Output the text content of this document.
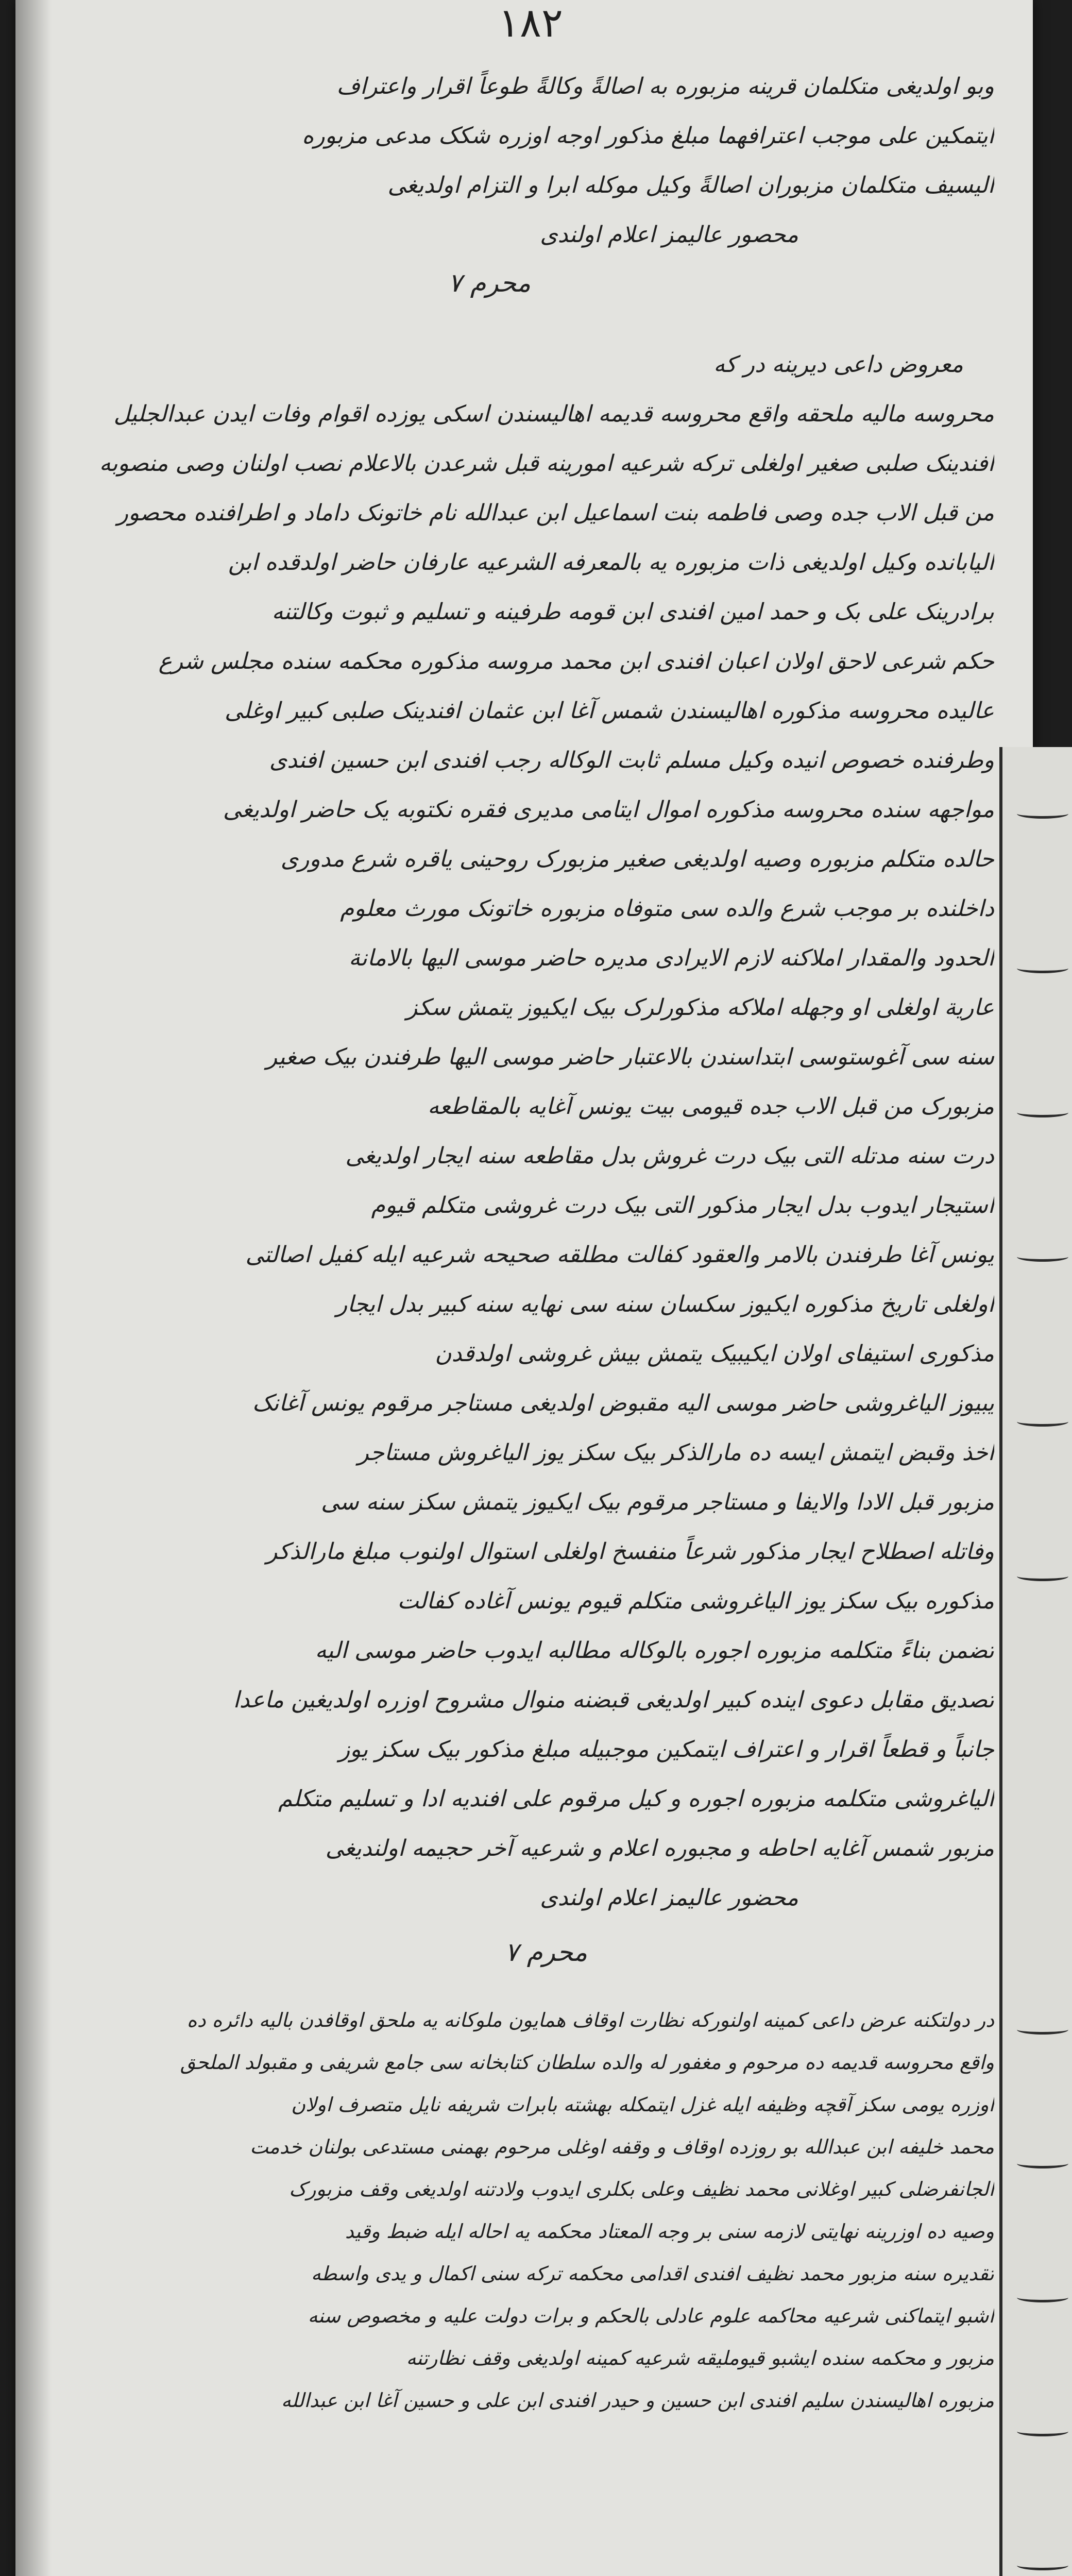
۱۸۲
وبو اولدیغی متکلمان قرینه مزبوره به اصالةً وکالةً طوعاً اقرار واعتراف
ایتمکین علی موجب اعترافهما مبلغ مذکور اوجه اوزره شکک مدعی مزبوره
الیسیف متکلمان مزبوران اصالةً وکیل موکله ابرا و التزام اولدیغی
محصور عالیمز اعلام اولندی
۷ محرم
معروض داعی دیرینه در که
محروسه مالیه ملحقه واقع محروسه قدیمه اهالیسندن اسکی یوزده اقوام وفات ایدن عبدالجلیل
افندینک صلبی صغیر اولغلی ترکه شرعیه امورینه قبل شرعدن بالاعلام نصب اولنان وصی منصوبه
من قبل الاب جده وصی فاطمه بنت اسماعیل ابن عبدالله نام خاتونک داماد و اطرافنده محصور
الیابانده وکیل اولدیغی ذات مزبوره یه بالمعرفه الشرعیه عارفان حاضر اولدقده ابن
برادرینک علی بک و حمد امین افندی ابن قومه طرفینه و تسلیم و ثبوت وکالتنه
حکم شرعی لاحق اولان اعبان افندی ابن محمد مروسه مذکوره محکمه سنده مجلس شرع
عالیده محروسه مذکوره اهالیسندن شمس آغا ابن عثمان افندینک صلبی کبیر اوغلی
وطرفنده خصوص انیده وکیل مسلم ثابت الوکاله رجب افندی ابن حسین افندی
مواجهه سنده محروسه مذکوره اموال ایتامی مدیری فقره نکتوبه یک حاضر اولدیغی
حالده متکلم مزبوره وصیه اولدیغی صغیر مزبورک روحینی یاقره شرع مدوری
داخلنده بر موجب شرع والده سی متوفاه مزبوره خاتونک مورث معلوم
الحدود والمقدار املاکنه لازم الایرادی مدیره حاضر موسی الیها بالامانة
عاریة اولغلی او وجهله املاکه مذکورلرک بیک ایکیوز یتمش سکز
سنه سی آغوستوسی ابتداسندن بالاعتبار حاضر موسی الیها طرفندن بیک صغیر
مزبورک من قبل الاب جده قیومی بیت یونس آغایه بالمقاطعه
درت سنه مدتله التی بیک درت غروش بدل مقاطعه سنه ایجار اولدیغی
استیجار ایدوب بدل ایجار مذکور التی بیک درت غروشی متکلم قیوم
یونس آغا طرفندن بالامر والعقود کفالت مطلقه صحیحه شرعیه ایله کفیل اصالتی
اولغلی تاریخ مذکوره ایکیوز سکسان سنه سی نهایه سنه کبیر بدل ایجار
مذکوری استیفای اولان ایکیبیک یتمش بیش غروشی اولدقدن
یبیوز الیاغروشی حاضر موسی الیه مقبوض اولدیغی مستاجر مرقوم یونس آغانک
اخذ وقبض ایتمش ایسه ده مارالذکر بیک سکز یوز الیاغروش مستاجر
مزبور قبل الادا والایفا و مستاجر مرقوم بیک ایکیوز یتمش سکز سنه سی
وفاتله اصطلاح ایجار مذکور شرعاً منفسخ اولغلی استوال اولنوب مبلغ مارالذکر
مذکوره بیک سکز یوز الیاغروشی متکلم قیوم یونس آغاده کفالت
تضمن بناءً متکلمه مزبوره اجوره بالوکاله مطالبه ایدوب حاضر موسی الیه
تصدیق مقابل دعوی اینده کبیر اولدیغی قبضنه منوال مشروح اوزره اولدیغین ماعدا
جانباً و قطعاً اقرار و اعتراف ایتمکین موجبیله مبلغ مذکور بیک سکز یوز
الیاغروشی متکلمه مزبوره اجوره و کیل مرقوم علی افندیه ادا و تسلیم متکلم
مزبور شمس آغایه احاطه و مجبوره اعلام و شرعیه آخر حجیمه اولندیغی
محضور عالیمز اعلام اولندی
۷ محرم
در دولتکنه عرض داعی کمینه اولنورکه نظارت اوقاف همایون ملوکانه یه ملحق اوقافدن بالیه دائره ده
واقع محروسه قدیمه ده مرحوم و مغفور له والده سلطان کتابخانه سی جامع شریفی و مقبولد الملحق
اوزره یومی سکز آقچه وظیفه ایله غزل ایتمکله بهشته بابرات شریفه نایل متصرف اولان
محمد خلیفه ابن عبدالله بو روزده اوقاف و وقفه اوغلی مرحوم بهمنی مستدعی بولنان خدمت
الجانفرضلی کبیر اوغلانی محمد نظیف وعلی بکلری ایدوب ولادتنه اولدیغی وقف مزبورک
وصیه ده اوزرینه نهایتی لازمه سنی بر وجه المعتاد محکمه یه احاله ایله ضبط وقید
تقدیره سنه مزبور محمد نظیف افندی اقدامی محکمه ترکه سنی اکمال و یدی واسطه
اشبو ایتماکنی شرعیه محاکمه علوم عادلی بالحکم و برات دولت علیه و مخصوص سنه
مزبور و محکمه سنده ایشبو قیوملیقه شرعیه کمینه اولدیغی وقف نظارتنه
مزبوره اهالیسندن سلیم افندی ابن حسین و حیدر افندی ابن علی و حسین آغا ابن عبدالله
